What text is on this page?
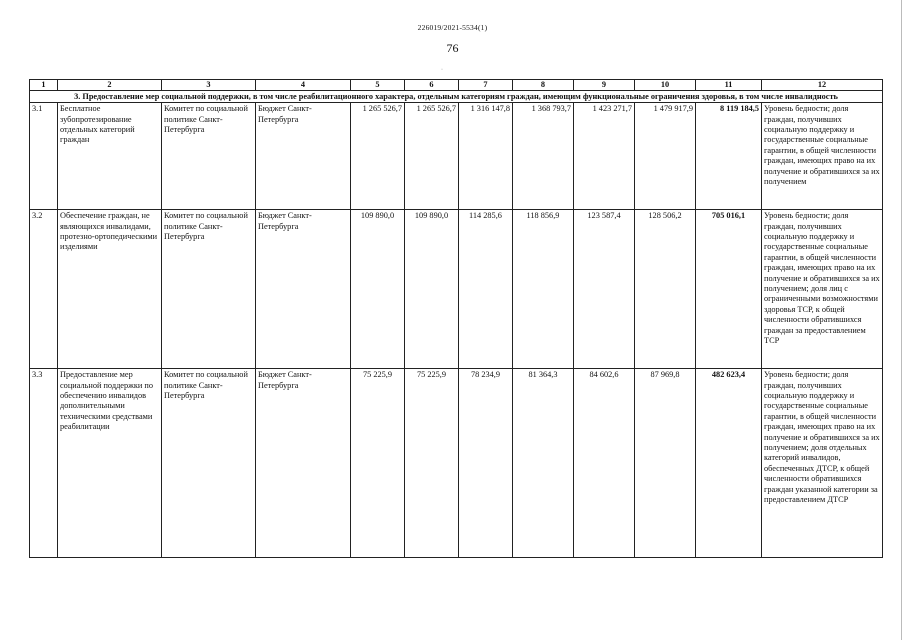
226019/2021-5534(1)
76
·
1	2	3	4	5	6	7	8	9	10	11	12
3. Предоставление мер социальной поддержки, в том числе реабилитационного характера, отдельным категориям граждан, имеющим функциональные ограничения здоровья, в том числе инвалидность											
3.1	Бесплатное зубопротезирование отдельных категорий граждан	Комитет по социальной политике Санкт-Петербурга	Бюджет Санкт-Петербурга	1 265 526,7	1 265 526,7	1 316 147,8	1 368 793,7	1 423 271,7	1 479 917,9	8 119 184,5	Уровень бедности; доля граждан, получивших социальную поддержку и государственные социальные гарантии, в общей численности граждан, имеющих право на их получение и обратившихся за их получением
3.2	Обеспечение граждан, не являющихся инвалидами, протезно-ортопедическими изделиями	Комитет по социальной политике Санкт-Петербурга	Бюджет Санкт-Петербурга	109 890,0	109 890,0	114 285,6	118 856,9	123 587,4	128 506,2	705 016,1	Уровень бедности; доля граждан, получивших социальную поддержку и государственные социальные гарантии, в общей численности граждан, имеющих право на их получение и обратившихся за их получением; доля лиц с ограниченными возможностями здоровья ТСР, к общей численности обратившихся граждан за предоставлением ТСР
3.3	Предоставление мер социальной поддержки по обеспечению инвалидов дополнительными техническими средствами реабилитации	Комитет по социальной политике Санкт-Петербурга	Бюджет Санкт-Петербурга	75 225,9	75 225,9	78 234,9	81 364,3	84 602,6	87 969,8	482 623,4	Уровень бедности; доля граждан, получивших социальную поддержку и государственные социальные гарантии, в общей численности граждан, имеющих право на их получение и обратившихся за их получением; доля отдельных категорий инвалидов, обеспеченных ДТСР, к общей численности обратившихся граждан указанной категории за предоставлением ДТСР
